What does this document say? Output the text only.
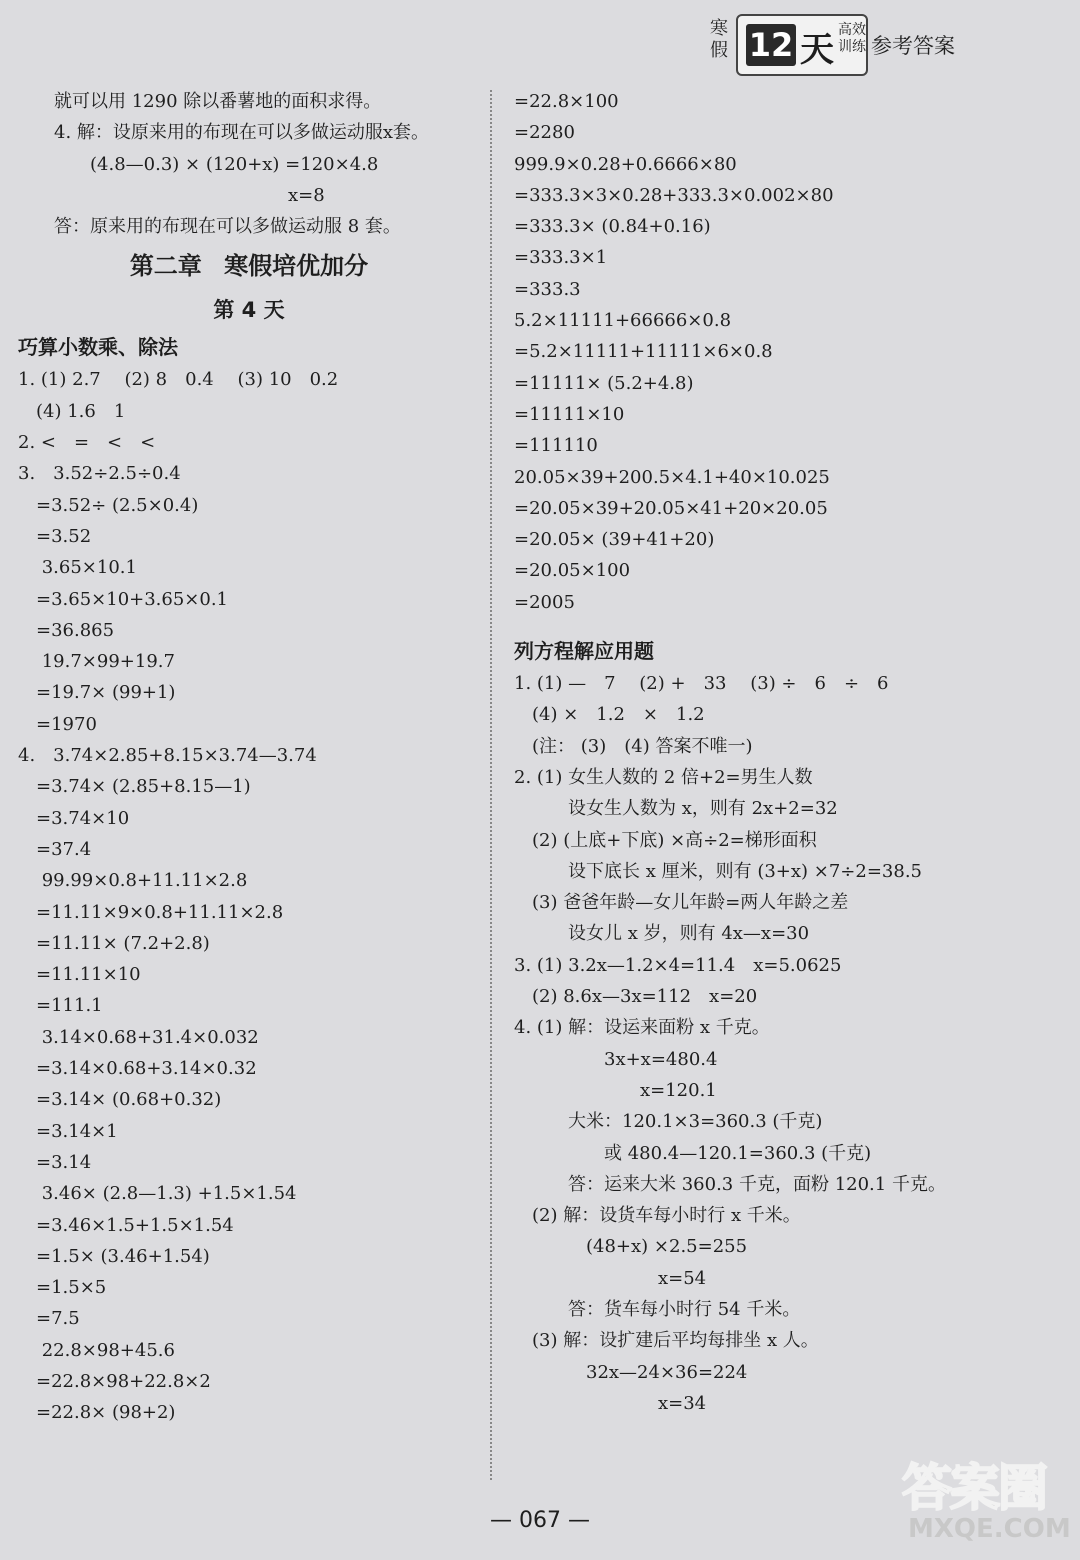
寒假 12 天 高效
训练 参考答案
　　就可以用 1290 除以番薯地的面积求得。
　　4. 解：设原来用的布现在可以多做运动服x套。
　　　　(4.8—0.3) × (120+x) =120×4.8
　　　　　　　　　　　　　　　x=8
　　答：原来用的布现在可以多做运动服 8 套。
第二章 寒假培优加分
第 4 天
巧算小数乘、除法
1. (1) 2.7　 (2) 8　0.4　 (3) 10　0.2
　(4) 1.6　1
2. <　=　<　<
3.　3.52÷2.5÷0.4
　=3.52÷ (2.5×0.4)
　=3.52
　 3.65×10.1
　=3.65×10+3.65×0.1
　=36.865
　 19.7×99+19.7
　=19.7× (99+1)
　=1970
4.　3.74×2.85+8.15×3.74—3.74
　=3.74× (2.85+8.15—1)
　=3.74×10
　=37.4
　 99.99×0.8+11.11×2.8
　=11.11×9×0.8+11.11×2.8
　=11.11× (7.2+2.8)
　=11.11×10
　=111.1
　 3.14×0.68+31.4×0.032
　=3.14×0.68+3.14×0.32
　=3.14× (0.68+0.32)
　=3.14×1
　=3.14
　 3.46× (2.8—1.3) +1.5×1.54
　=3.46×1.5+1.5×1.54
　=1.5× (3.46+1.54)
　=1.5×5
　=7.5
　 22.8×98+45.6
　=22.8×98+22.8×2
　=22.8× (98+2)
=22.8×100
=2280
999.9×0.28+0.6666×80
=333.3×3×0.28+333.3×0.002×80
=333.3× (0.84+0.16)
=333.3×1
=333.3
5.2×11111+66666×0.8
=5.2×11111+11111×6×0.8
=11111× (5.2+4.8)
=11111×10
=111110
20.05×39+200.5×4.1+40×10.025
=20.05×39+20.05×41+20×20.05
=20.05× (39+41+20)
=20.05×100
=2005
列方程解应用题
1. (1) —　7　 (2) +　33　 (3) ÷　6　÷　6
　(4) ×　1.2　×　1.2
　(注： (3)　(4) 答案不唯一)
2. (1) 女生人数的 2 倍+2=男生人数
　　　设女生人数为 x，则有 2x+2=32
　(2) (上底+下底) ×高÷2=梯形面积
　　　设下底长 x 厘米，则有 (3+x) ×7÷2=38.5
　(3) 爸爸年龄—女儿年龄=两人年龄之差
　　　设女儿 x 岁，则有 4x—x=30
3. (1) 3.2x—1.2×4=11.4　x=5.0625
　(2) 8.6x—3x=112　x=20
4. (1) 解：设运来面粉 x 千克。
　　　　　3x+x=480.4
　　　　　　　x=120.1
　　　大米：120.1×3=360.3 (千克)
　　　　　或 480.4—120.1=360.3 (千克)
　　　答：运来大米 360.3 千克，面粉 120.1 千克。
　(2) 解：设货车每小时行 x 千米。
　　　　(48+x) ×2.5=255
　　　　　　　　x=54
　　　答：货车每小时行 54 千米。
　(3) 解：设扩建后平均每排坐 x 人。
　　　　32x—24×36=224
　　　　　　　　x=34
— 067 —
答案圈
MXQE.COM
